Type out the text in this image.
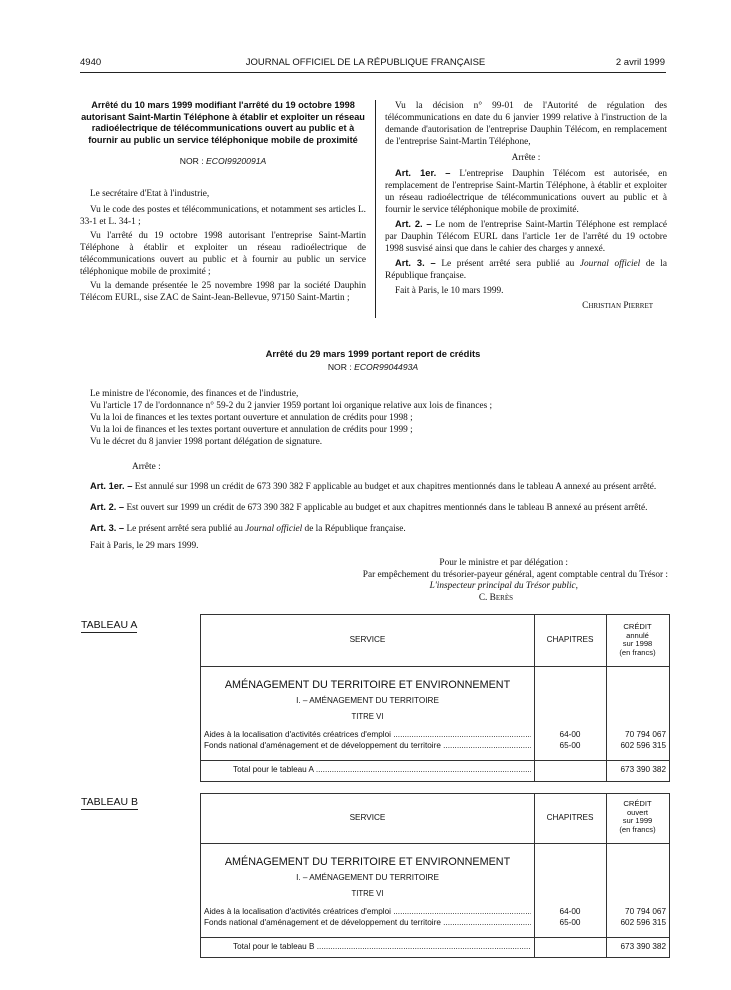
4940	JOURNAL OFFICIEL DE LA RÉPUBLIQUE FRANÇAISE	2 avril 1999

Arrêté du 10 mars 1999 modifiant l'arrêté du 19 octobre 1998 autorisant Saint-Martin Téléphone à établir et exploiter un réseau radioélectrique de télécommunications ouvert au public et à fournir au public un service téléphonique mobile de proximité

NOR : ECOI9920091A

Le secrétaire d'Etat à l'industrie,

Vu le code des postes et télécommunications, et notamment ses articles L. 33-1 et L. 34-1 ;

Vu l'arrêté du 19 octobre 1998 autorisant l'entreprise Saint-Martin Téléphone à établir et exploiter un réseau radioélectrique de télécommunications ouvert au public et à fournir au public un service téléphonique mobile de proximité ;

Vu la demande présentée le 25 novembre 1998 par la société Dauphin Télécom EURL, sise ZAC de Saint-Jean-Bellevue, 97150 Saint-Martin ;

Vu la décision n° 99-01 de l'Autorité de régulation des télécommunications en date du 6 janvier 1999 relative à l'instruction de la demande d'autorisation de l'entreprise Dauphin Télécom, en remplacement de l'entreprise Saint-Martin Téléphone,

Arrête :

Art. 1er. – L'entreprise Dauphin Télécom est autorisée, en remplacement de l'entreprise Saint-Martin Téléphone, à établir et exploiter un réseau radioélectrique de télécommunications ouvert au public et à fournir le service téléphonique mobile de proximité.

Art. 2. – Le nom de l'entreprise Saint-Martin Téléphone est remplacé par Dauphin Télécom EURL dans l'article 1er de l'arrêté du 19 octobre 1998 susvisé ainsi que dans le cahier des charges y annexé.

Art. 3. – Le présent arrêté sera publié au Journal officiel de la République française.

Fait à Paris, le 10 mars 1999.

Christian Pierret

Arrêté du 29 mars 1999 portant report de crédits

NOR : ECOR9904493A

Le ministre de l'économie, des finances et de l'industrie,

Vu l'article 17 de l'ordonnance n° 59-2 du 2 janvier 1959 portant loi organique relative aux lois de finances ;

Vu la loi de finances et les textes portant ouverture et annulation de crédits pour 1998 ;

Vu la loi de finances et les textes portant ouverture et annulation de crédits pour 1999 ;

Vu le décret du 8 janvier 1998 portant délégation de signature.

Arrête :

Art. 1er. – Est annulé sur 1998 un crédit de 673 390 382 F applicable au budget et aux chapitres mentionnés dans le tableau A annexé au présent arrêté.

Art. 2. – Est ouvert sur 1999 un crédit de 673 390 382 F applicable au budget et aux chapitres mentionnés dans le tableau B annexé au présent arrêté.

Art. 3. – Le présent arrêté sera publié au Journal officiel de la République française.

Fait à Paris, le 29 mars 1999.

Pour le ministre et par délégation :
Par empêchement du trésorier-payeur général, agent comptable central du Trésor :
L'inspecteur principal du Trésor public,
C. Berès
TABLEAU A
SERVICE	CHAPITRES
CRÉDIT
annulé
sur 1998
(en francs)
AMÉNAGEMENT DU TERRITOIRE ET ENVIRONNEMENT
I. – AMÉNAGEMENT DU TERRITOIRE
TITRE VI
Aides à la localisation d'activités créatrices d'emploi .....	64-00	70 794 067
Fonds national d'aménagement et de développement du territoire .....	65-00	602 596 315
Total pour le tableau A .....	673 390 382
TABLEAU B
SERVICE	CHAPITRES
CRÉDIT
ouvert
sur 1999
(en francs)
AMÉNAGEMENT DU TERRITOIRE ET ENVIRONNEMENT
I. – AMÉNAGEMENT DU TERRITOIRE
TITRE VI
Aides à la localisation d'activités créatrices d'emploi .....	64-00	70 794 067
Fonds national d'aménagement et de développement du territoire .....	65-00	602 596 315
Total pour le tableau B .....	673 390 382
